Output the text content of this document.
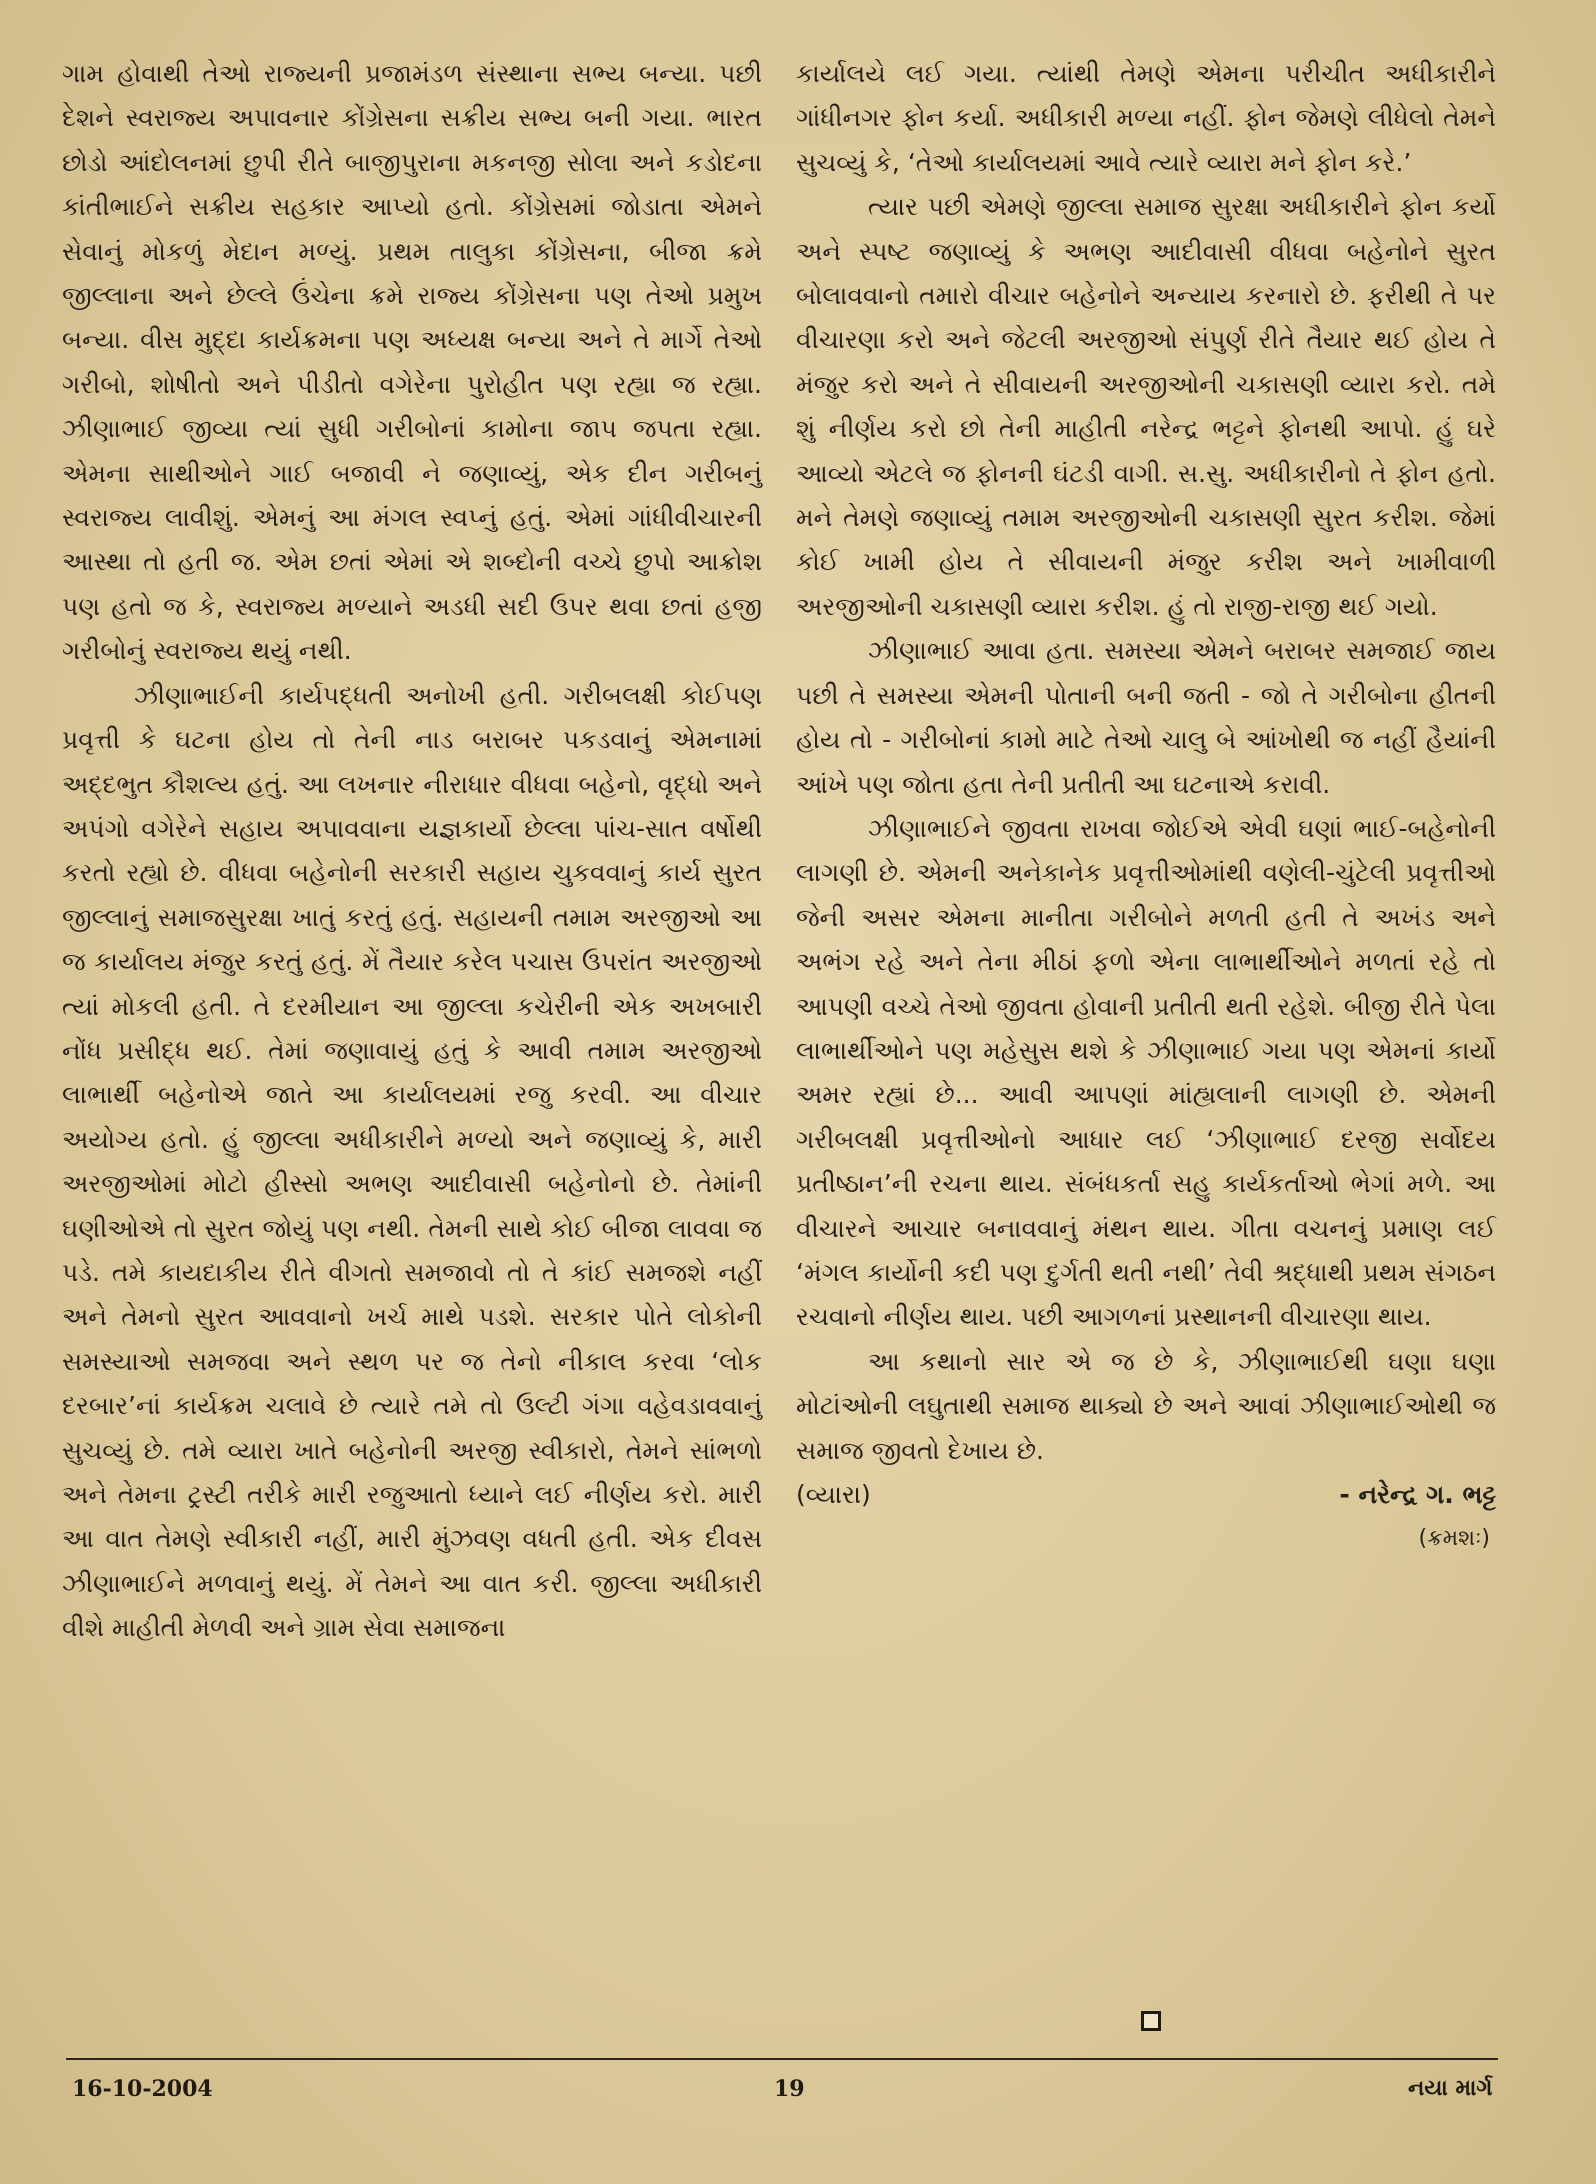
ગામ હોવાથી તેઓ રાજ્યની પ્રજામંડળ સંસ્થાના સભ્ય બન્યા. પછી દેશને સ્વરાજ્ય અપાવનાર કોંગ્રેસના સક્રીય સભ્ય બની ગયા. ભારત છોડો આંદોલનમાં છુપી રીતે બાજીપુરાના મકનજી સોલા અને કડોદના કાંતીભાઈને સક્રીય સહકાર આપ્યો હતો. કોંગ્રેસમાં જોડાતા એમને સેવાનું મોકળું મેદાન મળ્યું. પ્રથમ તાલુકા કોંગ્રેસના, બીજા ક્રમે જીલ્લાના અને છેલ્લે ઉંચેના ક્રમે રાજ્ય કોંગ્રેસના પણ તેઓ પ્રમુખ બન્યા. વીસ મુદ્દા કાર્યક્રમના પણ અધ્યક્ષ બન્યા અને તે માર્ગે તેઓ ગરીબો, શોષીતો અને પીડીતો વગેરેના પુરોહીત પણ રહ્યા જ રહ્યા. ઝીણાભાઈ જીવ્યા ત્યાં સુધી ગરીબોનાં કામોના જાપ જપતા રહ્યા. એમના સાથીઓને ગાઈ બજાવી ને જણાવ્યું, એક દીન ગરીબનું સ્વરાજ્ય લાવીશું. એમનું આ મંગલ સ્વપ્નું હતું. એમાં ગાંધીવીચારની આસ્થા તો હતી જ. એમ છતાં એમાં એ શબ્દોની વચ્ચે છુપો આક્રોશ પણ હતો જ કે, સ્વરાજ્ય મળ્યાને અડધી સદી ઉપર થવા છતાં હજી ગરીબોનું સ્વરાજ્ય થયું નથી.

ઝીણાભાઈની કાર્યપદ્ધતી અનોખી હતી. ગરીબલક્ષી કોઈપણ પ્રવૃત્તી કે ઘટના હોય તો તેની નાડ બરાબર પકડવાનું એમનામાં અદ્દભુત કૌશલ્ય હતું. આ લખનાર નીરાધાર વીધવા બહેનો, વૃદ્ધો અને અપંગો વગેરેને સહાય અપાવવાના યજ્ઞકાર્યો છેલ્લા પાંચ-સાત વર્ષોથી કરતો રહ્યો છે. વીધવા બહેનોની સરકારી સહાય ચુકવવાનું કાર્ય સુરત જીલ્લાનું સમાજસુરક્ષા ખાતું કરતું હતું. સહાયની તમામ અરજીઓ આ જ કાર્યાલય મંજુર કરતું હતું. મેં તૈયાર કરેલ પચાસ ઉપરાંત અરજીઓ ત્યાં મોકલી હતી. તે દરમીયાન આ જીલ્લા કચેરીની એક અખબારી નોંધ પ્રસીદ્ધ થઈ. તેમાં જણાવાયું હતું કે આવી તમામ અરજીઓ લાભાર્થી બહેનોએ જાતે આ કાર્યાલયમાં રજુ કરવી. આ વીચાર અયોગ્ય હતો. હું જીલ્લા અધીકારીને મળ્યો અને જણાવ્યું કે, મારી અરજીઓમાં મોટો હીસ્સો અભણ આદીવાસી બહેનોનો છે. તેમાંની ઘણીઓએ તો સુરત જોયું પણ નથી. તેમની સાથે કોઈ બીજા લાવવા જ પડે. તમે કાયદાકીય રીતે વીગતો સમજાવો તો તે કાંઈ સમજશે નહીં અને તેમનો સુરત આવવાનો ખર્ચ માથે પડશે. સરકાર પોતે લોકોની સમસ્યાઓ સમજવા અને સ્થળ પર જ તેનો નીકાલ કરવા ‘લોક દરબાર’નાં કાર્યક્રમ ચલાવે છે ત્યારે તમે તો ઉલ્ટી ગંગા વહેવડાવવાનું સુચવ્યું છે. તમે વ્યારા ખાતે બહેનોની અરજી સ્વીકારો, તેમને સાંભળો અને તેમના ટ્રસ્ટી તરીકે મારી રજુઆતો ધ્યાને લઈ નીર્ણય કરો. મારી આ વાત તેમણે સ્વીકારી નહીં, મારી મુંઝવણ વધતી હતી. એક દીવસ ઝીણાભાઈને મળવાનું થયું. મેં તેમને આ વાત કરી. જીલ્લા અધીકારી વીશે માહીતી મેળવી અને ગ્રામ સેવા સમાજના

કાર્યાલયે લઈ ગયા. ત્યાંથી તેમણે એમના પરીચીત અધીકારીને ગાંધીનગર ફોન કર્યા. અધીકારી મળ્યા નહીં. ફોન જેમણે લીધેલો તેમને સુચવ્યું કે, ‘તેઓ કાર્યાલયમાં આવે ત્યારે વ્યારા મને ફોન કરે.’

ત્યાર પછી એમણે જીલ્લા સમાજ સુરક્ષા અધીકારીને ફોન કર્યો અને સ્પષ્ટ જણાવ્યું કે અભણ આદીવાસી વીધવા બહેનોને સુરત બોલાવવાનો તમારો વીચાર બહેનોને અન્યાય કરનારો છે. ફરીથી તે પર વીચારણા કરો અને જેટલી અરજીઓ સંપુર્ણ રીતે તૈયાર થઈ હોય તે મંજુર કરો અને તે સીવાયની અરજીઓની ચકાસણી વ્યારા કરો. તમે શું નીર્ણય કરો છો તેની માહીતી નરેન્દ્ર ભટ્ટને ફોનથી આપો. હું ઘરે આવ્યો એટલે જ ફોનની ઘંટડી વાગી. સ.સુ. અધીકારીનો તે ફોન હતો. મને તેમણે જણાવ્યું તમામ અરજીઓની ચકાસણી સુરત કરીશ. જેમાં કોઈ ખામી હોય તે સીવાયની મંજુર કરીશ અને ખામીવાળી અરજીઓની ચકાસણી વ્યારા કરીશ. હું તો રાજી-રાજી થઈ ગયો.

ઝીણાભાઈ આવા હતા. સમસ્યા એમને બરાબર સમજાઈ જાય પછી તે સમસ્યા એમની પોતાની બની જતી - જો તે ગરીબોના હીતની હોય તો - ગરીબોનાં કામો માટે તેઓ ચાલુ બે આંખોથી જ નહીં હૈયાંની આંખે પણ જોતા હતા તેની પ્રતીતી આ ઘટનાએ કરાવી.

ઝીણાભાઈને જીવતા રાખવા જોઈએ એવી ઘણાં ભાઈ-બહેનોની લાગણી છે. એમની અનેકાનેક પ્રવૃત્તીઓમાંથી વણેલી-ચુંટેલી પ્રવૃત્તીઓ જેની અસર એમના માનીતા ગરીબોને મળતી હતી તે અખંડ અને અભંગ રહે અને તેના મીઠાં ફળો એના લાભાર્થીઓને મળતાં રહે તો આપણી વચ્ચે તેઓ જીવતા હોવાની પ્રતીતી થતી રહેશે. બીજી રીતે પેલા લાભાર્થીઓને પણ મહેસુસ થશે કે ઝીણાભાઈ ગયા પણ એમનાં કાર્યો અમર રહ્યાં છે... આવી આપણાં માંહ્યલાની લાગણી છે. એમની ગરીબલક્ષી પ્રવૃત્તીઓનો આધાર લઈ ‘ઝીણાભાઈ દરજી સર્વોદય પ્રતીષ્ઠાન’ની રચના થાય. સંબંધકર્તા સહુ કાર્યકર્તાઓ ભેગાં મળે. આ વીચારને આચાર બનાવવાનું મંથન થાય. ગીતા વચનનું પ્રમાણ લઈ ‘મંગલ કાર્યોની કદી પણ દુર્ગતી થતી નથી’ તેવી શ્રદ્ધાથી પ્રથમ સંગઠન રચવાનો નીર્ણય થાય. પછી આગળનાં પ્રસ્થાનની વીચારણા થાય.

આ કથાનો સાર એ જ છે કે, ઝીણાભાઈથી ઘણા ઘણા મોટાંઓની લઘુતાથી સમાજ થાક્યો છે અને આવાં ઝીણાભાઈઓથી જ સમાજ જીવતો દેખાય છે.

(વ્યારા)	- નરેન્દ્ર ગ. ભટ્ટ
(ક્રમશઃ)
16-10-2004	19	નયા માર્ગ
